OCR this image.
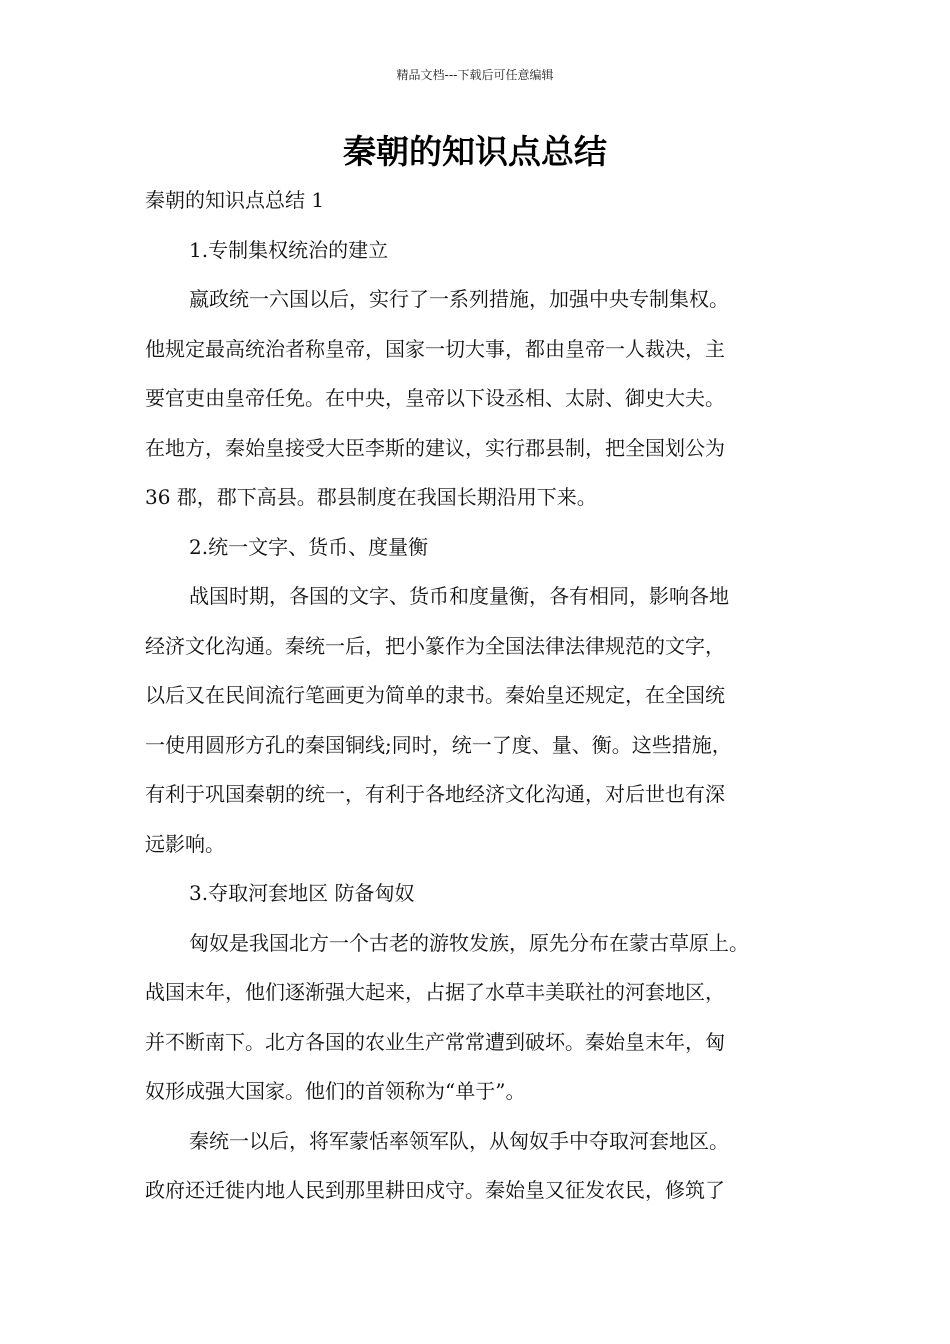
精品文档---下载后可任意编辑
秦朝的知识点总结
秦朝的知识点总结 1
1.专制集权统治的建立
嬴政统一六国以后，实行了一系列措施，加强中央专制集权。
他规定最高统治者称皇帝，国家一切大事，都由皇帝一人裁决，主
要官吏由皇帝任免。在中央，皇帝以下设丞相、太尉、御史大夫。
在地方，秦始皇接受大臣李斯的建议，实行郡县制，把全国划公为
36 郡，郡下高县。郡县制度在我国长期沿用下来。
2.统一文字、货币、度量衡
战国时期，各国的文字、货币和度量衡，各有相同，影响各地
经济文化沟通。秦统一后，把小篆作为全国法律法律规范的文字，
以后又在民间流行笔画更为简单的隶书。秦始皇还规定，在全国统
一使用圆形方孔的秦国铜线;同时，统一了度、量、衡。这些措施，
有利于巩国秦朝的统一，有利于各地经济文化沟通，对后世也有深
远影响。
3.夺取河套地区 防备匈奴
匈奴是我国北方一个古老的游牧发族，原先分布在蒙古草原上。
战国末年，他们逐渐强大起来，占据了水草丰美联社的河套地区，
并不断南下。北方各国的农业生产常常遭到破坏。秦始皇末年，匈
奴形成强大国家。他们的首领称为“单于”。
秦统一以后，将军蒙恬率领军队，从匈奴手中夺取河套地区。
政府还迁徙内地人民到那里耕田戍守。秦始皇又征发农民，修筑了
